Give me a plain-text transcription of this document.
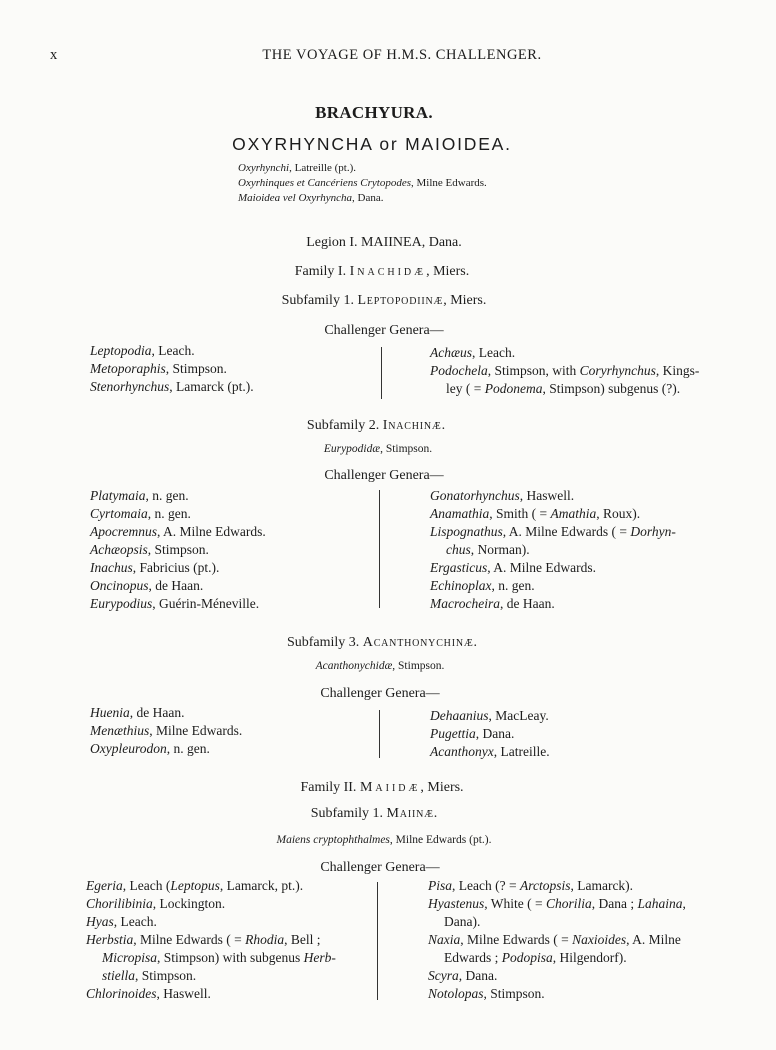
x	THE VOYAGE OF H.M.S. CHALLENGER.
BRACHYURA.
OXYRHYNCHA or MAIOIDEA.
Oxyrhynchi, Latreille (pt.).
Oxyrhinques et Cancériens Crytopodes, Milne Edwards.
Maioidea vel Oxyrhyncha, Dana.
Legion I. MAIINEA, Dana.
Family I. Inachidæ, Miers.
Subfamily 1. Leptopodiinæ, Miers.
Challenger Genera—
Leptopodia, Leach.
Metoporaphis, Stimpson.
Stenorhynchus, Lamarck (pt.).
Achæus, Leach.
Podochela, Stimpson, with Coryrhynchus, Kings-
ley ( = Podonema, Stimpson) subgenus (?).
Subfamily 2. Inachinæ.
Eurypodidæ, Stimpson.
Challenger Genera—
Platymaia, n. gen.
Cyrtomaia, n. gen.
Apocremnus, A. Milne Edwards.
Achæopsis, Stimpson.
Inachus, Fabricius (pt.).
Oncinopus, de Haan.
Eurypodius, Guérin-Méneville.
Gonatorhynchus, Haswell.
Anamathia, Smith ( = Amathia, Roux).
Lispognathus, A. Milne Edwards ( = Dorhyn-
chus, Norman).
Ergasticus, A. Milne Edwards.
Echinoplax, n. gen.
Macrocheira, de Haan.
Subfamily 3. Acanthonychinæ.
Acanthonychidæ, Stimpson.
Challenger Genera—
Huenia, de Haan.
Menæthius, Milne Edwards.
Oxypleurodon, n. gen.
Dehaanius, MacLeay.
Pugettia, Dana.
Acanthonyx, Latreille.
Family II. Maiidæ, Miers.
Subfamily 1. Maiinæ.
Maiens cryptophthalmes, Milne Edwards (pt.).
Challenger Genera—
Egeria, Leach (Leptopus, Lamarck, pt.).
Chorilibinia, Lockington.
Hyas, Leach.
Herbstia, Milne Edwards ( = Rhodia, Bell ;
Micropisa, Stimpson) with subgenus Herb-
stiella, Stimpson.
Chlorinoides, Haswell.
Pisa, Leach (? = Arctopsis, Lamarck).
Hyastenus, White ( = Chorilia, Dana ; Lahaina,
Dana).
Naxia, Milne Edwards ( = Naxioides, A. Milne
Edwards ; Podopisa, Hilgendorf).
Scyra, Dana.
Notolopas, Stimpson.
